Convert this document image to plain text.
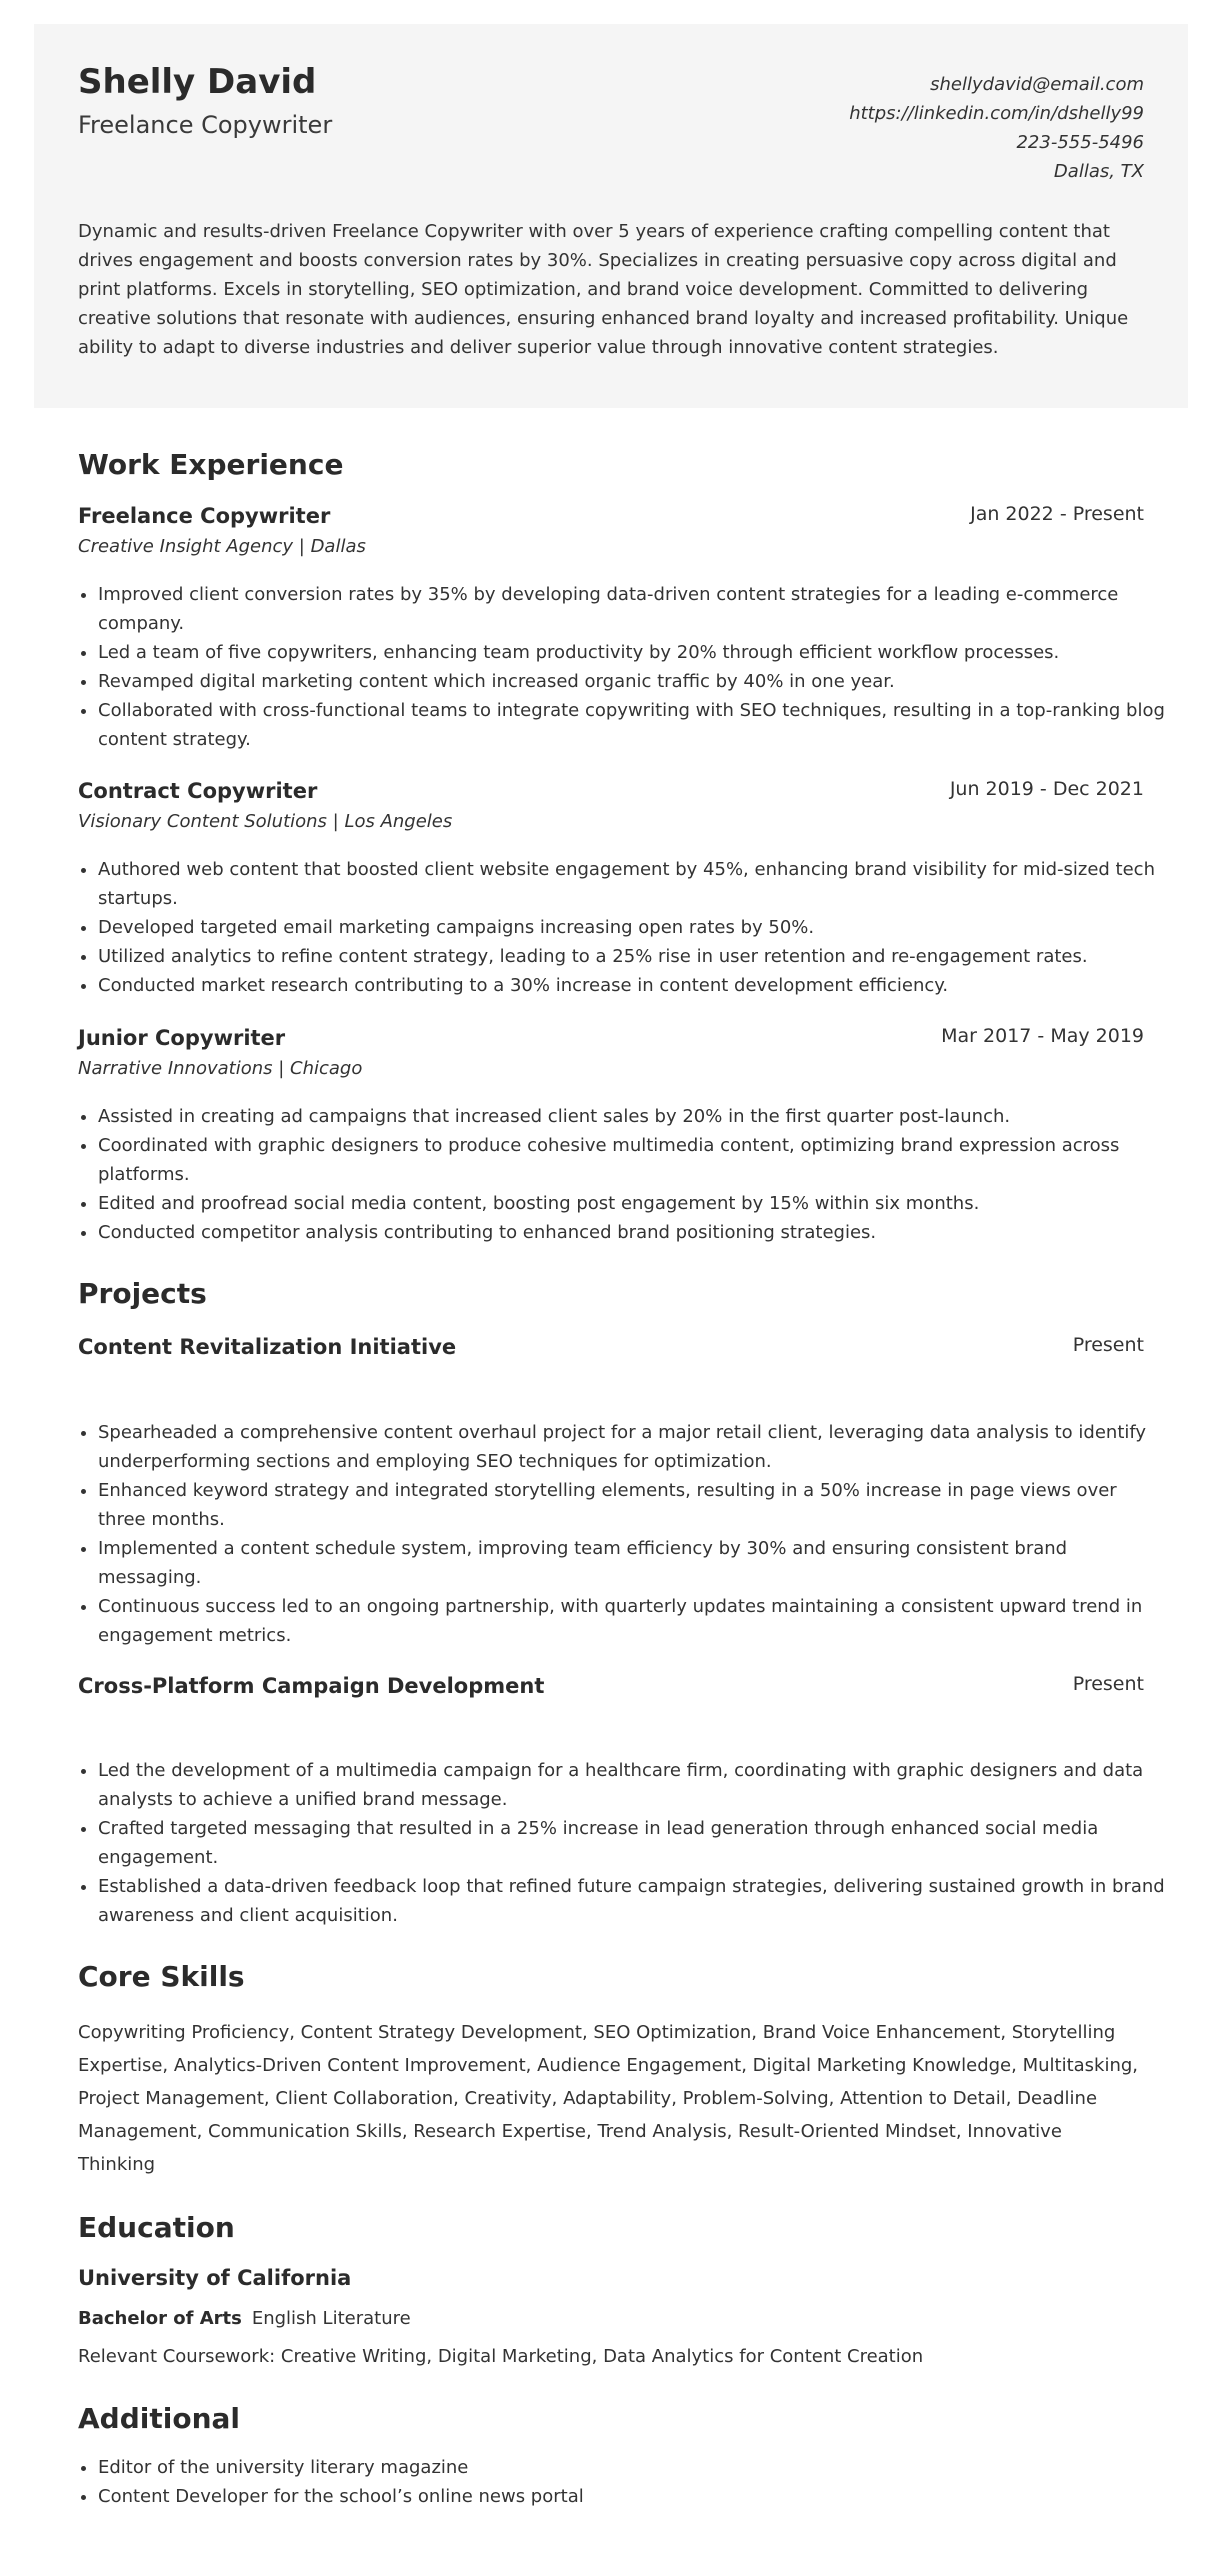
Shelly David
Freelance Copywriter
shellydavid@email.com
https://linkedin.com/in/dshelly99
223-555-5496
Dallas, TX
Dynamic and results-driven Freelance Copywriter with over 5 years of experience crafting compelling content that drives engagement and boosts conversion rates by 30%. Specializes in creating persuasive copy across digital and print platforms. Excels in storytelling, SEO optimization, and brand voice development. Committed to delivering creative solutions that resonate with audiences, ensuring enhanced brand loyalty and increased profitability. Unique ability to adapt to diverse industries and deliver superior value through innovative content strategies.
Work Experience
Freelance Copywriter	Jan 2022 - Present
Creative Insight Agency | Dallas
• Improved client conversion rates by 35% by developing data-driven content strategies for a leading e-commerce company.
• Led a team of five copywriters, enhancing team productivity by 20% through efficient workflow processes.
• Revamped digital marketing content which increased organic traffic by 40% in one year.
• Collaborated with cross-functional teams to integrate copywriting with SEO techniques, resulting in a top-ranking blog content strategy.
Contract Copywriter	Jun 2019 - Dec 2021
Visionary Content Solutions | Los Angeles
• Authored web content that boosted client website engagement by 45%, enhancing brand visibility for mid-sized tech startups.
• Developed targeted email marketing campaigns increasing open rates by 50%.
• Utilized analytics to refine content strategy, leading to a 25% rise in user retention and re-engagement rates.
• Conducted market research contributing to a 30% increase in content development efficiency.
Junior Copywriter	Mar 2017 - May 2019
Narrative Innovations | Chicago
• Assisted in creating ad campaigns that increased client sales by 20% in the first quarter post-launch.
• Coordinated with graphic designers to produce cohesive multimedia content, optimizing brand expression across platforms.
• Edited and proofread social media content, boosting post engagement by 15% within six months.
• Conducted competitor analysis contributing to enhanced brand positioning strategies.
Projects
Content Revitalization Initiative	Present
• Spearheaded a comprehensive content overhaul project for a major retail client, leveraging data analysis to identify underperforming sections and employing SEO techniques for optimization.
• Enhanced keyword strategy and integrated storytelling elements, resulting in a 50% increase in page views over three months.
• Implemented a content schedule system, improving team efficiency by 30% and ensuring consistent brand messaging.
• Continuous success led to an ongoing partnership, with quarterly updates maintaining a consistent upward trend in engagement metrics.
Cross-Platform Campaign Development	Present
• Led the development of a multimedia campaign for a healthcare firm, coordinating with graphic designers and data analysts to achieve a unified brand message.
• Crafted targeted messaging that resulted in a 25% increase in lead generation through enhanced social media engagement.
• Established a data-driven feedback loop that refined future campaign strategies, delivering sustained growth in brand awareness and client acquisition.
Core Skills
Copywriting Proficiency, Content Strategy Development, SEO Optimization, Brand Voice Enhancement, Storytelling Expertise, Analytics-Driven Content Improvement, Audience Engagement, Digital Marketing Knowledge, Multitasking, Project Management, Client Collaboration, Creativity, Adaptability, Problem-Solving, Attention to Detail, Deadline Management, Communication Skills, Research Expertise, Trend Analysis, Result-Oriented Mindset, Innovative Thinking
Education
University of California
Bachelor of Arts English Literature
Relevant Coursework: Creative Writing, Digital Marketing, Data Analytics for Content Creation
Additional
• Editor of the university literary magazine
• Content Developer for the school’s online news portal
